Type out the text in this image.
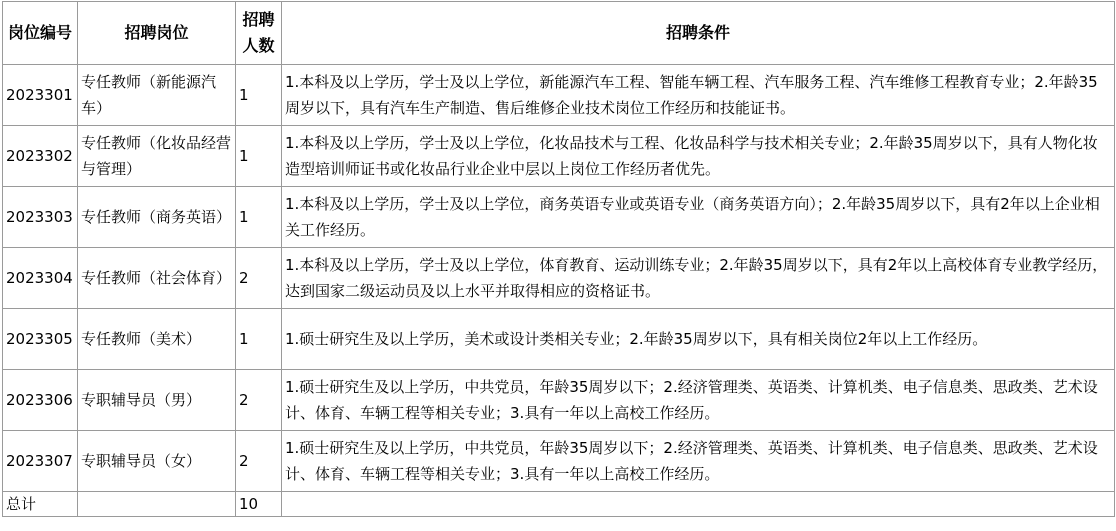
岗位编号	招聘岗位	招聘人数	招聘条件
2023301	专任教师（新能源汽车）	1	1.本科及以上学历，学士及以上学位，新能源汽车工程、智能车辆工程、汽车服务工程、汽车维修工程教育专业；2.年龄35周岁以下，具有汽车生产制造、售后维修企业技术岗位工作经历和技能证书。
2023302	专任教师（化妆品经营与管理）	1	1.本科及以上学历，学士及以上学位，化妆品技术与工程、化妆品科学与技术相关专业；2.年龄35周岁以下，具有人物化妆造型培训师证书或化妆品行业企业中层以上岗位工作经历者优先。
2023303	专任教师（商务英语）	1	1.本科及以上学历，学士及以上学位，商务英语专业或英语专业（商务英语方向）；2.年龄35周岁以下，具有2年以上企业相关工作经历。
2023304	专任教师（社会体育）	2	1.本科及以上学历，学士及以上学位，体育教育、运动训练专业；2.年龄35周岁以下，具有2年以上高校体育专业教学经历，达到国家二级运动员及以上水平并取得相应的资格证书。
2023305	专任教师（美术）	1	1.硕士研究生及以上学历，美术或设计类相关专业；2.年龄35周岁以下，具有相关岗位2年以上工作经历。
2023306	专职辅导员（男）	2	1.硕士研究生及以上学历，中共党员，年龄35周岁以下；2.经济管理类、英语类、计算机类、电子信息类、思政类、艺术设计、体育、车辆工程等相关专业；3.具有一年以上高校工作经历。
2023307	专职辅导员（女）	2	1.硕士研究生及以上学历，中共党员，年龄35周岁以下；2.经济管理类、英语类、计算机类、电子信息类、思政类、艺术设计、体育、车辆工程等相关专业；3.具有一年以上高校工作经历。
总计		10	
